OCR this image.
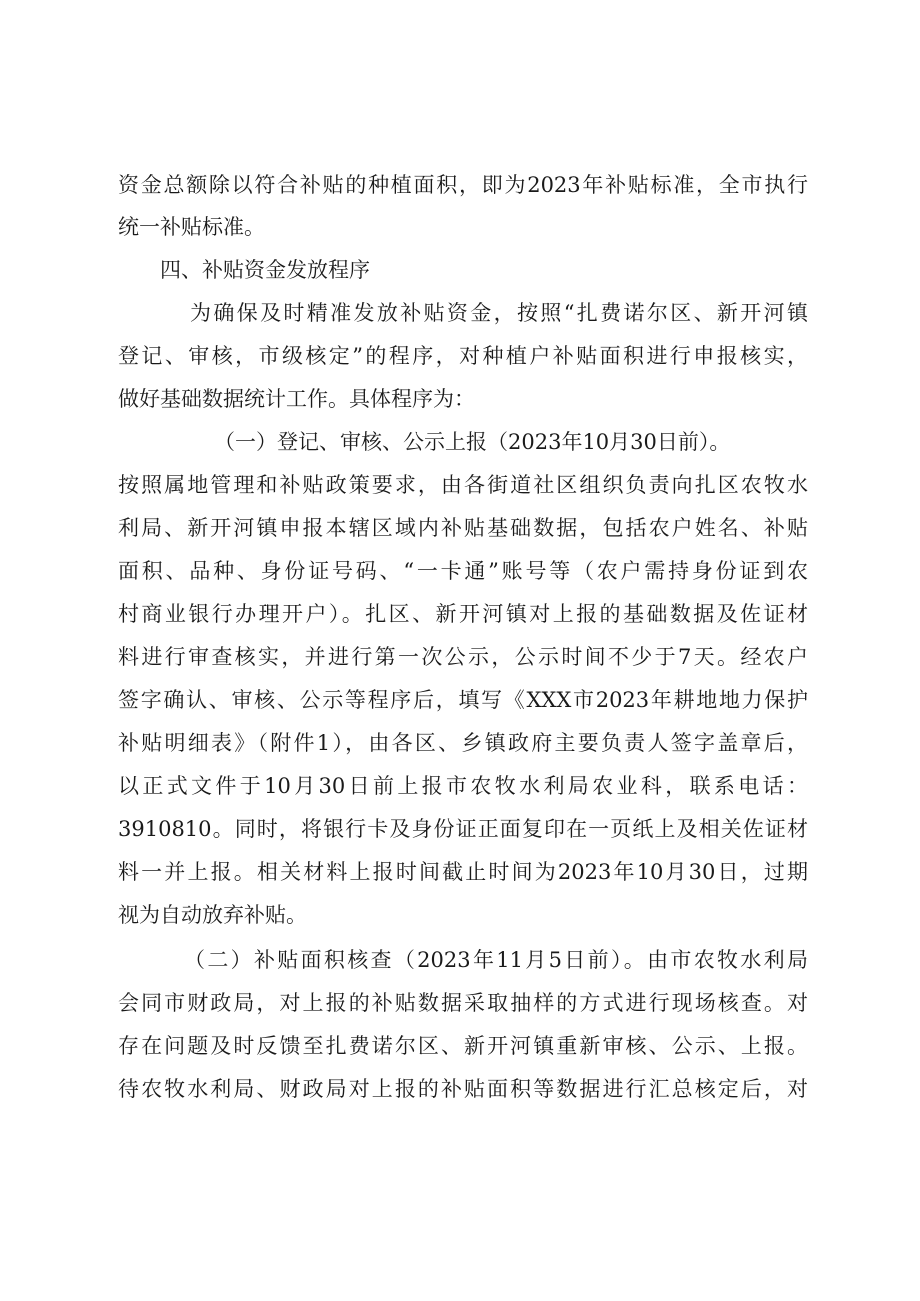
资金总额除以符合补贴的种植面积，即为2023年补贴标准，全市执行
统一补贴标准。
四、补贴资金发放程序
为确保及时精准发放补贴资金，按照“扎费诺尔区、新开河镇
登记、审核，市级核定”的程序，对种植户补贴面积进行申报核实，
做好基础数据统计工作。具体程序为：
（一）登记、审核、公示上报（2023年10月30日前）。
按照属地管理和补贴政策要求，由各街道社区组织负责向扎区农牧水
利局、新开河镇申报本辖区域内补贴基础数据，包括农户姓名、补贴
面积、品种、身份证号码、“一卡通”账号等（农户需持身份证到农
村商业银行办理开户）。扎区、新开河镇对上报的基础数据及佐证材
料进行审查核实，并进行第一次公示，公示时间不少于7天。经农户
签字确认、审核、公示等程序后，填写《XXX市2023年耕地地力保护
补贴明细表》（附件1），由各区、乡镇政府主要负责人签字盖章后，
以正式文件于10月30日前上报市农牧水利局农业科，联系电话：
3910810。同时，将银行卡及身份证正面复印在一页纸上及相关佐证材
料一并上报。相关材料上报时间截止时间为2023年10月30日，过期
视为自动放弃补贴。
（二）补贴面积核查（2023年11月5日前）。由市农牧水利局
会同市财政局，对上报的补贴数据采取抽样的方式进行现场核查。对
存在问题及时反馈至扎费诺尔区、新开河镇重新审核、公示、上报。
待农牧水利局、财政局对上报的补贴面积等数据进行汇总核定后，对
